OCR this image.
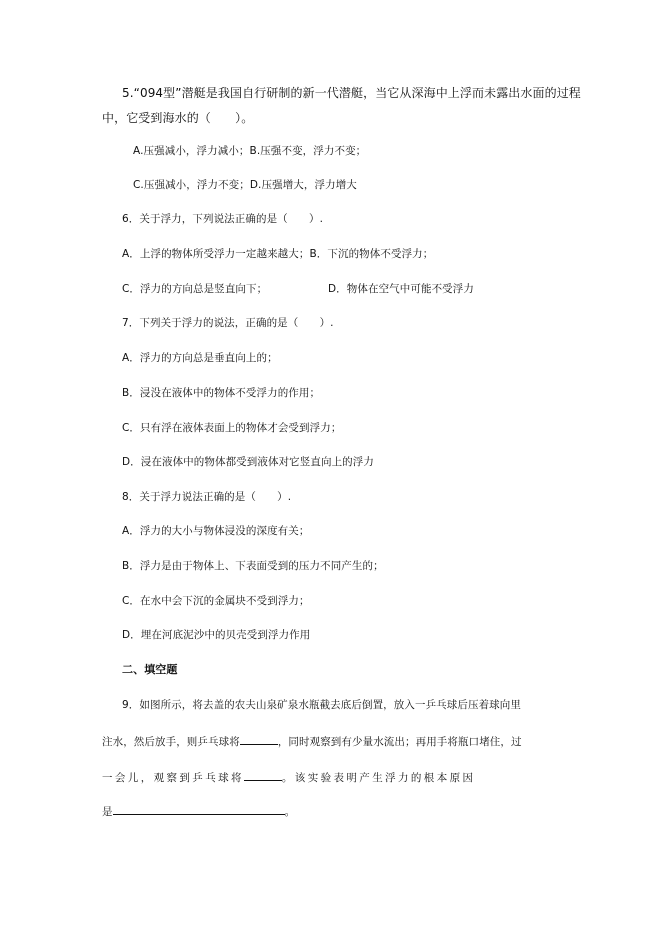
5.“094型”潜艇是我国自行研制的新一代潜艇，当它从深海中上浮而未露出水面的过程
中，它受到海水的（　　）。
A.压强减小，浮力减小；B.压强不变，浮力不变；
C.压强减小，浮力不变；D.压强增大，浮力增大
6．关于浮力，下列说法正确的是（　　）.
A．上浮的物体所受浮力一定越来越大；B．下沉的物体不受浮力；
C．浮力的方向总是竖直向下；	D．物体在空气中可能不受浮力
7．下列关于浮力的说法，正确的是（　　）.
A．浮力的方向总是垂直向上的；
B．浸没在液体中的物体不受浮力的作用；
C．只有浮在液体表面上的物体才会受到浮力；
D．浸在液体中的物体都受到液体对它竖直向上的浮力
8．关于浮力说法正确的是（　　）.
A．浮力的大小与物体浸没的深度有关；
B．浮力是由于物体上、下表面受到的压力不同产生的；
C．在水中会下沉的金属块不受到浮力；
D．埋在河底泥沙中的贝壳受到浮力作用
二、填空题
9．如图所示，将去盖的农夫山泉矿泉水瓶截去底后倒置，放入一乒乓球后压着球向里
注水，然后放手，则乒乓球将	，同时观察到有少量水流出；再用手将瓶口堵住，过
一会儿，观察到乒乓球将	。该实验表明产生浮力的根本原因
是	。
